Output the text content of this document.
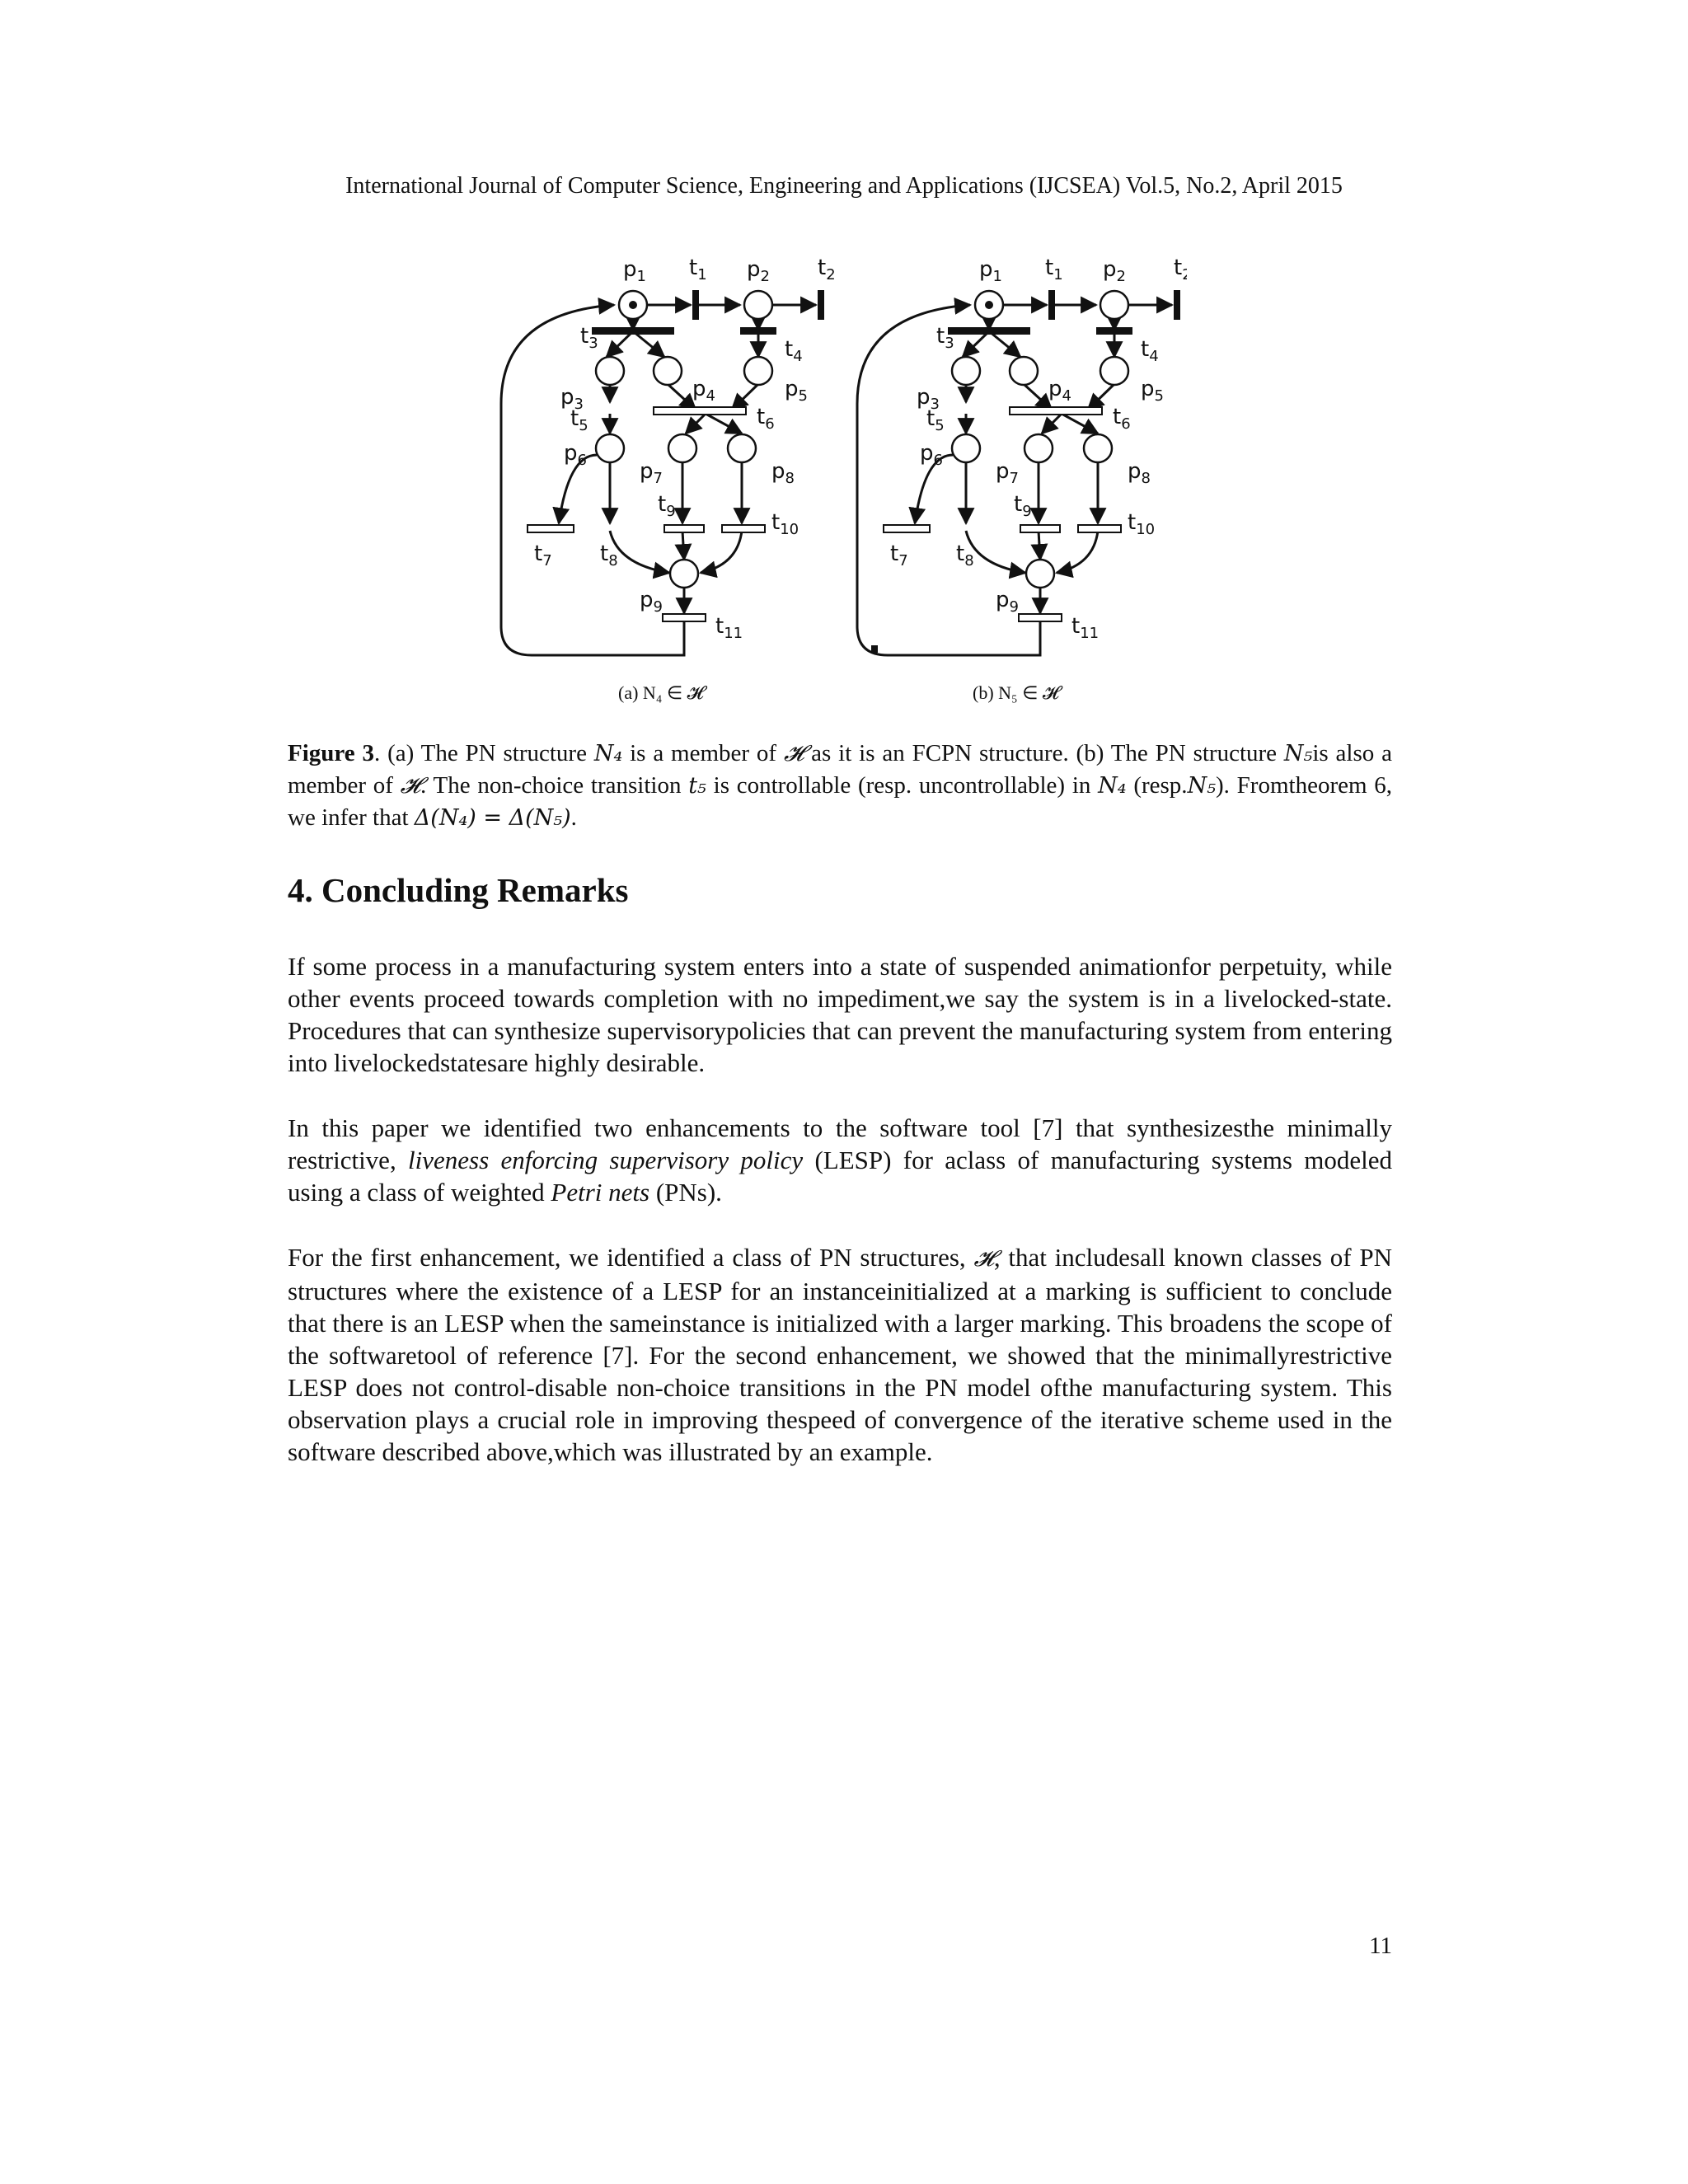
International Journal of Computer Science, Engineering and Applications (IJCSEA) Vol.5, No.2, April 2015
(a) N₄ ∈ 𝓗	(b) N₅ ∈ 𝓗
Figure 3. (a) The PN structure N₄ is a member of 𝓗 as it is an FCPN structure. (b) The PN structure N₅is also a member of 𝓗. The non-choice transition t₅ is controllable (resp. uncontrollable) in N₄ (resp.N₅). Fromtheorem 6, we infer that Δ(N₄) = Δ(N₅).
4. Concluding Remarks

If some process in a manufacturing system enters into a state of suspended animationfor perpetuity, while other events proceed towards completion with no impediment,we say the system is in a livelocked-state. Procedures that can synthesize supervisorypolicies that can prevent the manufacturing system from entering into livelockedstatesare highly desirable.

In this paper we identified two enhancements to the software tool [7] that synthesizesthe minimally restrictive, liveness enforcing supervisory policy (LESP) for aclass of manufacturing systems modeled using a class of weighted Petri nets (PNs).

For the first enhancement, we identified a class of PN structures, 𝓗, that includesall known classes of PN structures where the existence of a LESP for an instanceinitialized at a marking is sufficient to conclude that there is an LESP when the sameinstance is initialized with a larger marking. This broadens the scope of the softwaretool of reference [7]. For the second enhancement, we showed that the minimallyrestrictive LESP does not control-disable non-choice transitions in the PN model ofthe manufacturing system. This observation plays a crucial role in improving thespeed of convergence of the iterative scheme used in the software described above,which was illustrated by an example.

11
